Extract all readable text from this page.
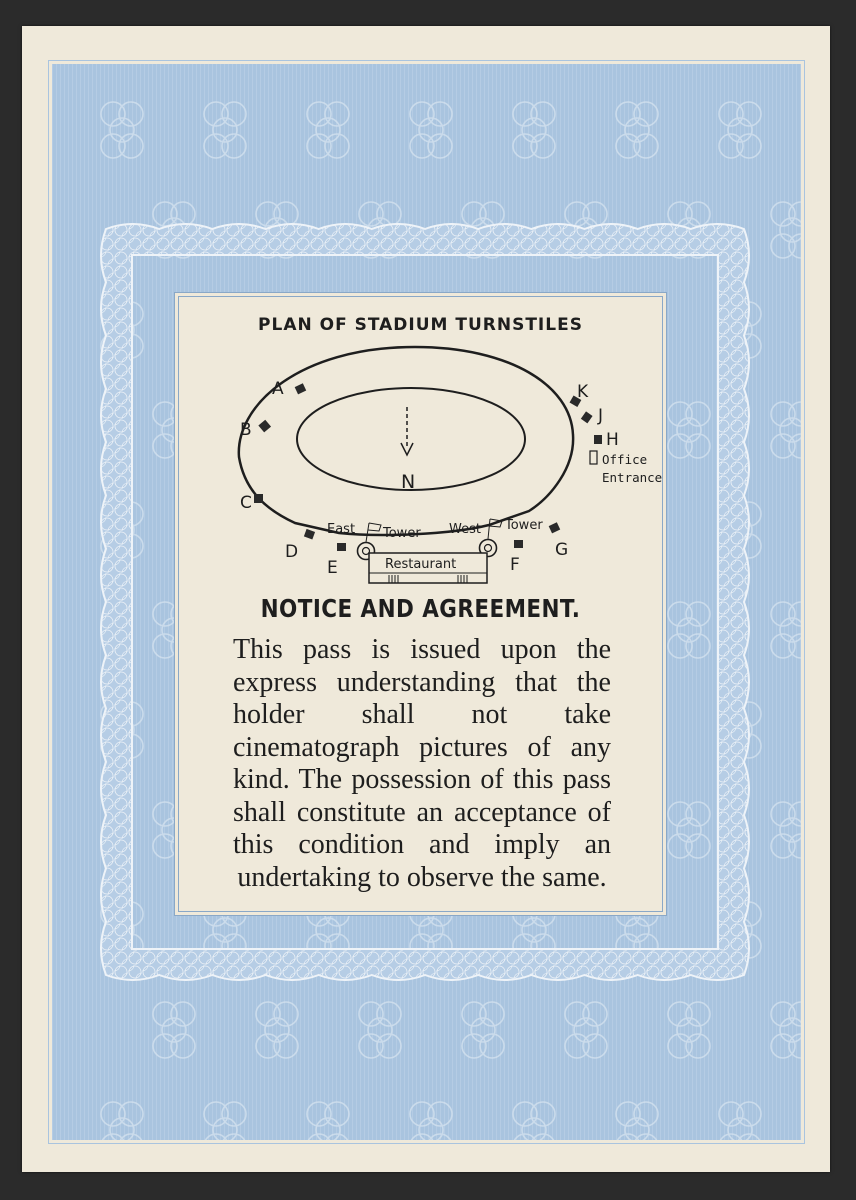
PLAN OF STADIUM TURNSTILES
N
A
B
C
D
E	F
G
H
J
K
East Tower West Tower
Restaurant
Office
Entrance
NOTICE AND AGREEMENT.
This pass is issued upon the express understanding that the holder shall not take cinematograph pictures of any kind. The possession of this pass shall constitute an acceptance of this condition and imply an undertaking to observe the same.
